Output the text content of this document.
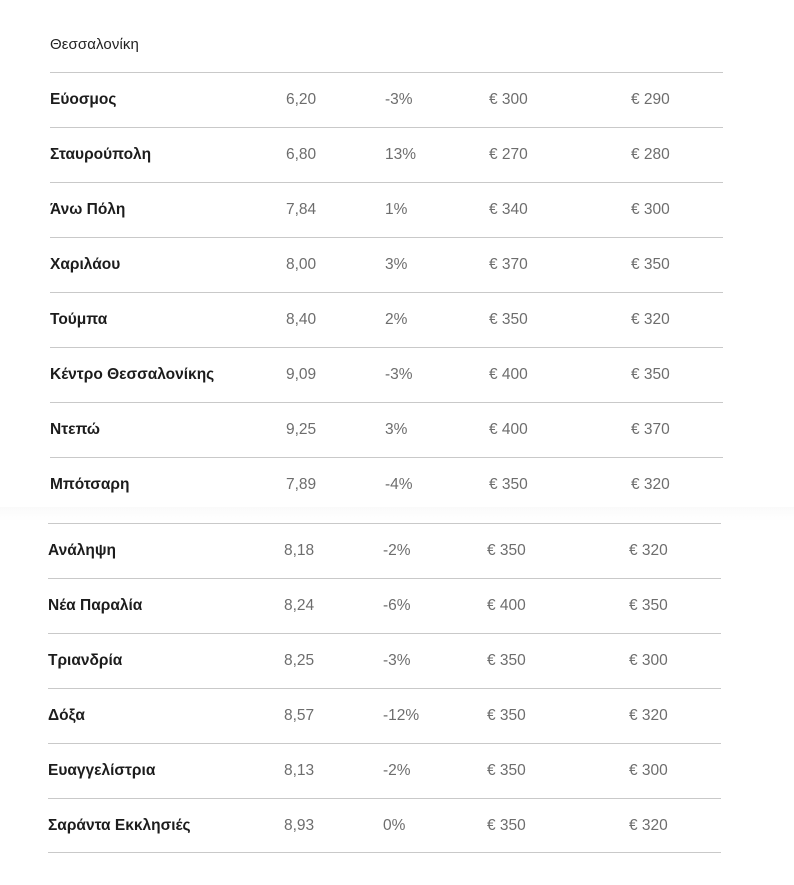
Θεσσαλονίκη
Εύοσμος	6,20	-3%	€ 300	€ 290
Σταυρούπολη	6,80	13%	€ 270	€ 280
Άνω Πόλη	7,84	1%	€ 340	€ 300
Χαριλάου	8,00	3%	€ 370	€ 350
Τούμπα	8,40	2%	€ 350	€ 320
Κέντρο Θεσσαλονίκης	9,09	-3%	€ 400	€ 350
Ντεπώ	9,25	3%	€ 400	€ 370
Μπότσαρη	7,89	-4%	€ 350	€ 320
Ανάληψη	8,18	-2%	€ 350	€ 320
Νέα Παραλία	8,24	-6%	€ 400	€ 350
Τριανδρία	8,25	-3%	€ 350	€ 300
Δόξα	8,57	-12%	€ 350	€ 320
Ευαγγελίστρια	8,13	-2%	€ 350	€ 300
Σαράντα Εκκλησιές	8,93	0%	€ 350	€ 320
